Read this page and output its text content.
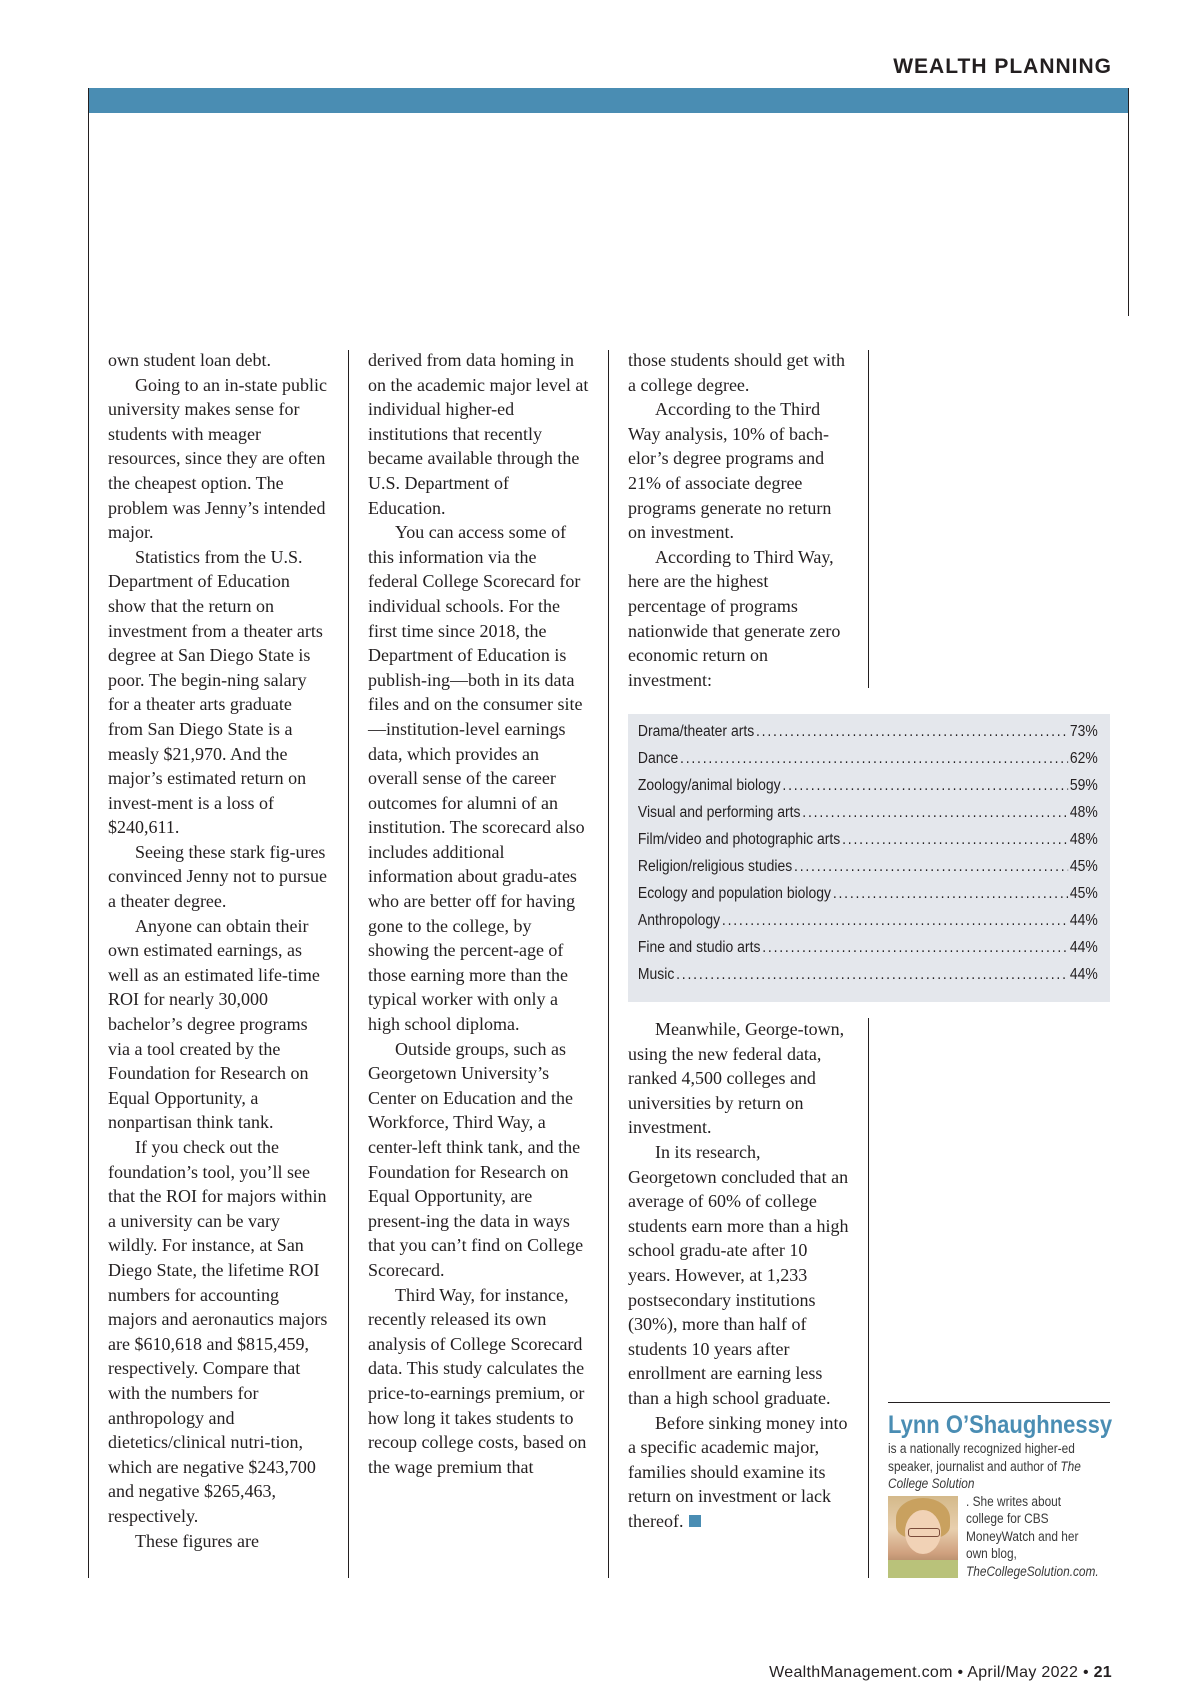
WEALTH PLANNING

own student loan debt.

Going to an in-state public university makes sense for students with meager resources, since they are often the cheapest option. The problem was Jenny’s intended major.

Statistics from the U.S. Department of Education show that the return on investment from a theater arts degree at San Diego State is poor. The begin-ning salary for a theater arts graduate from San Diego State is a measly $21,970. And the major’s estimated return on invest-ment is a loss of $240,611.

Seeing these stark fig-ures convinced Jenny not to pursue a theater degree.

Anyone can obtain their own estimated earnings, as well as an estimated life-time ROI for nearly 30,000 bachelor’s degree programs via a tool created by the Foundation for Research on Equal Opportunity, a nonpartisan think tank.

If you check out the foundation’s tool, you’ll see that the ROI for majors within a university can be vary wildly. For instance, at San Diego State, the lifetime ROI numbers for accounting majors and aeronautics majors are $610,618 and $815,459, respectively. Compare that with the numbers for anthropology and dietetics/clinical nutri-tion, which are negative $243,700 and negative $265,463, respectively.

These figures are

derived from data homing in on the academic major level at individual higher-ed institutions that recently became available through the U.S. Department of Education.

You can access some of this information via the federal College Scorecard for individual schools. For the first time since 2018, the Department of Education is publish-ing—both in its data files and on the consumer site—institution-level earnings data, which provides an overall sense of the career outcomes for alumni of an institution. The scorecard also includes additional information about gradu-ates who are better off for having gone to the college, by showing the percent-age of those earning more than the typical worker with only a high school diploma.

Outside groups, such as Georgetown University’s Center on Education and the Workforce, Third Way, a center-left think tank, and the Foundation for Research on Equal Opportunity, are present-ing the data in ways that you can’t find on College Scorecard.

Third Way, for instance, recently released its own analysis of College Scorecard data. This study calculates the price-to-earnings premium, or how long it takes students to recoup college costs, based on the wage premium that

those students should get with a college degree.

According to the Third Way analysis, 10% of bach-elor’s degree programs and 21% of associate degree programs generate no return on investment.

According to Third Way, here are the highest percentage of programs nationwide that generate zero economic return on investment:

Drama/theater arts .....	73%
Dance .....	62%
Zoology/animal biology .....	59%
Visual and performing arts .....	48%
Film/video and photographic arts .....	48%
Religion/religious studies .....	45%
Ecology and population biology .....	45%
Anthropology .....	44%
Fine and studio arts .....	44%
Music .....	44%

Meanwhile, George-town, using the new federal data, ranked 4,500 colleges and universities by return on investment.

In its research, Georgetown concluded that an average of 60% of college students earn more than a high school gradu-ate after 10 years. However, at 1,233 postsecondary institutions (30%), more than half of students 10 years after enrollment are earning less than a high school graduate.

Before sinking money into a specific academic major, families should examine its return on investment or lack thereof.

Lynn O’Shaughnessy
is a nationally recognized higher-ed speaker, journalist and author of The College Solution
. She writes about college for CBS MoneyWatch and her own blog, TheCollegeSolution.com.
WealthManagement.com • April/May 2022 • 21
